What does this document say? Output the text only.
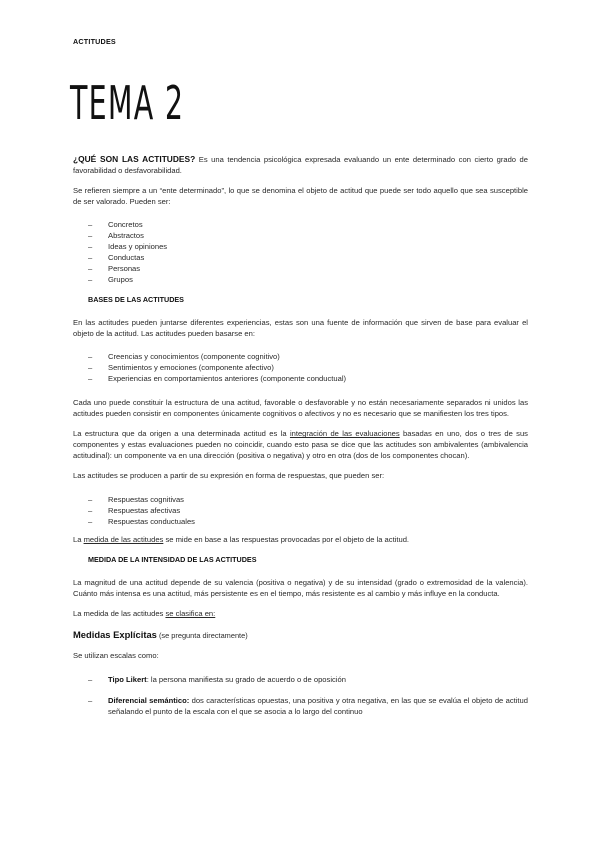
ACTITUDES
TEMA 2

¿QUÉ SON LAS ACTITUDES? Es una tendencia psicológica expresada evaluando un ente determinado con cierto grado de favorabilidad o desfavorabilidad.

Se refieren siempre a un “ente determinado”, lo que se denomina el objeto de actitud que puede ser todo aquello que sea susceptible de ser valorado. Pueden ser:

– Concretos
– Abstractos
– Ideas y opiniones
– Conductas
– Personas
– Grupos
BASES DE LAS ACTITUDES

En las actitudes pueden juntarse diferentes experiencias, estas son una fuente de información que sirven de base para evaluar el objeto de la actitud. Las actitudes pueden basarse en:

– Creencias y conocimientos (componente cognitivo)
– Sentimientos y emociones (componente afectivo)
– Experiencias en comportamientos anteriores (componente conductual)

Cada uno puede constituir la estructura de una actitud, favorable o desfavorable y no están necesariamente separados ni unidos las actitudes pueden consistir en componentes únicamente cognitivos o afectivos y no es necesario que se manifiesten los tres tipos.

La estructura que da origen a una determinada actitud es la integración de las evaluaciones basadas en uno, dos o tres de sus componentes y estas evaluaciones pueden no coincidir, cuando esto pasa se dice que las actitudes son ambivalentes (ambivalencia actitudinal): un componente va en una dirección (positiva o negativa) y otro en otra (dos de los componentes chocan).

Las actitudes se producen a partir de su expresión en forma de respuestas, que pueden ser:

– Respuestas cognitivas
– Respuestas afectivas
– Respuestas conductuales

La medida de las actitudes se mide en base a las respuestas provocadas por el objeto de la actitud.

MEDIDA DE LA INTENSIDAD DE LAS ACTITUDES

La magnitud de una actitud depende de su valencia (positiva o negativa) y de su intensidad (grado o extremosidad de la valencia). Cuánto más intensa es una actitud, más persistente es en el tiempo, más resistente es al cambio y más influye en la conducta.

La medida de las actitudes se clasifica en:

Medidas Explícitas (se pregunta directamente)

Se utilizan escalas como:

– Tipo Likert: la persona manifiesta su grado de acuerdo o de oposición
– Diferencial semántico: dos características opuestas, una positiva y otra negativa, en las que se evalúa el objeto de actitud señalando el punto de la escala con el que se asocia a lo largo del continuo
